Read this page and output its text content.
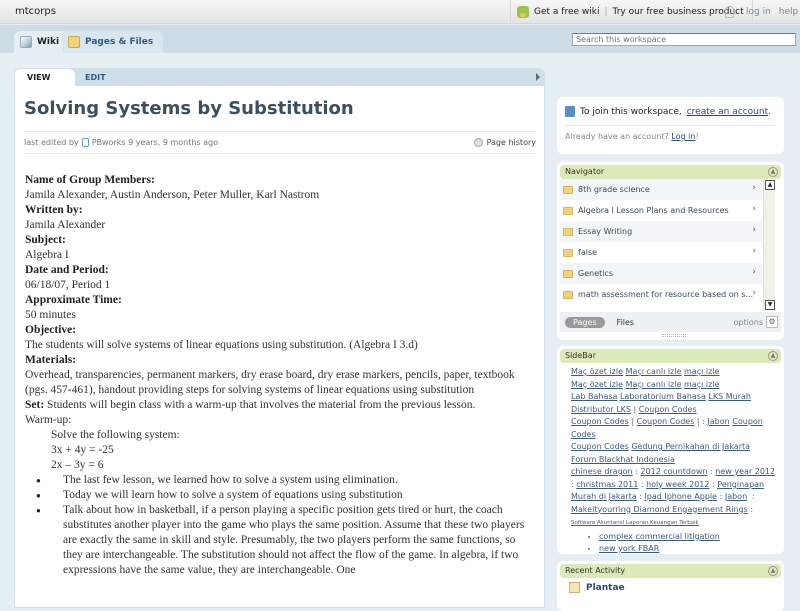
mtcorps	Get a free wiki | Try our free business product log in help
Wiki	Pages & Files
Search this workspace
VIEW	EDIT
Solving Systems by Substitution
last edited by PBworks
9 years, 9 months ago	Page history
Name of Group Members:
Jamila Alexander, Austin Anderson, Peter Muller, Karl Nastrom
Written by:
Jamila Alexander
Subject:
Algebra I
Date and Period:
06/18/07, Period 1
Approximate Time:
50 minutes
Objective:
The students will solve systems of linear equations using substitution. (Algebra I 3.d)
Materials:
Overhead, transparencies, permanent markers, dry erase board, dry erase markers, pencils, paper, textbook (pgs. 457-461), handout providing steps for solving systems of linear equations using substitution
Set: Students will begin class with a warm-up that involves the material from the previous lesson.
Warm-up:
Solve the following system:
3x + 4y = -25
2x – 3y = 6
● The last few lesson, we learned how to solve a system using elimination.
● Today we will learn how to solve a system of equations using substitution
● Talk about how in basketball, if a person playing a specific position gets tired or hurt, the coach substitutes another player into the game who plays the same position. Assume that these two players are exactly the same in skill and style. Presumably, the two players perform the same functions, so they are interchangeable. The substitution should not affect the flow of the game. In algebra, if two expressions have the same value, they are interchangeable. One
To join this workspace, create an account.
Already have an account? Log in!
Navigator	▲
8th grade science	›
Algebra I Lesson Plans and Resources	›
Essay Writing	›
false	›
Genetics	›
math assessment for resource based on s... ›
▲
▼
Pages	Files	options ⚙
SideBar	▲
Maç özet izle Maçı canlı izle maçı izle
Maç özet izle Maçı canlı izle maçı izle
Lab Bahasa Laboratorium Bahasa LKS Murah Distributor LKS | Coupon Codes
Coupon Codes | Coupon Codes | : Jabon Coupon Codes
Coupon Codes Gedung Pernikahan di Jakarta  Forum Blackhat Indonesia
chinese dragon : 2012 countdown : new year 2012 : christmas 2011 : holy week 2012 : Penginapan Murah di Jakarta : Ipad Iphone Apple : Jabon  : Makeityourring Diamond Engagement Rings : Software Akuntansi Laporan Keuangan Terbaik
• complex commercial litigation
• new york FBAR
Recent Activity	▲
Plantae
